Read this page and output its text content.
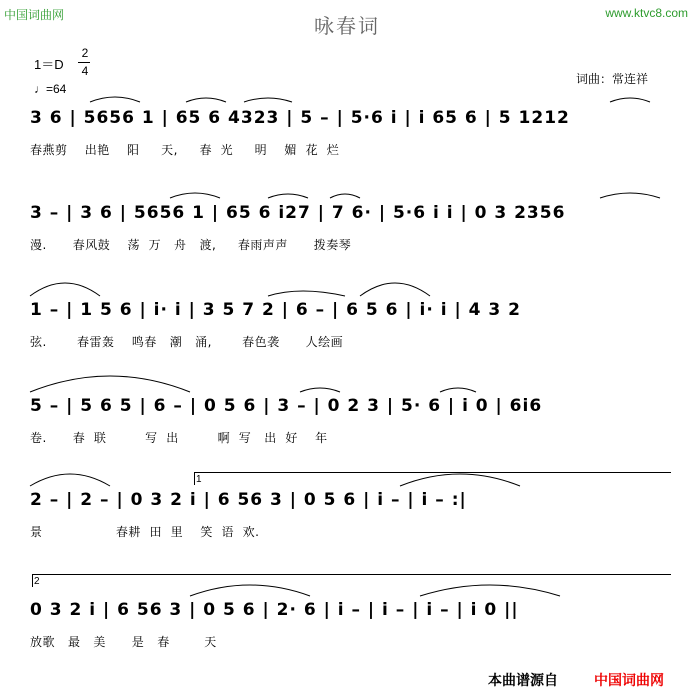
中国词曲网	www.ktvc8.com
咏春词
1＝D
2
4
♩=64
词曲：常连祥
3 6 | 5656 1 | 65 6 4323 | 5 – | 5·6 i | i 65 6 | 5 1212
春燕剪    出艳    阳     天,     春  光     明    媚  花  烂
3 – | 3 6 | 5656 1 | 65 6 i27 | 7 6· | 5·6 i i | 0 3 2356
漫.      春风鼓    荡  万   舟   渡,     春雨声声      拨奏琴
1 – | 1 5 6 | i· i | 3 5 7 2 | 6 – | 6 5 6 | i· i | 4 3 2
弦.       春雷轰    鸣春   潮   涌,       春色袭      人绘画
5 – | 5 6 5 | 6 – | 0 5 6 | 3 – | 0 2 3 | 5· 6 | i 0 | 6i6
卷.      春  联         写  出         啊  写   出  好    年
1
2 – | 2 – | 0 3 2 i | 6 56 3 | 0 5 6 | i – | i – :|
景                 春耕  田  里    笑  语  欢.
2
0 3 2 i | 6 56 3 | 0 5 6 | 2· 6 | i – | i – | i – | i 0 ||
放歌   最   美      是   春        天
本曲谱源自	中国词曲网
